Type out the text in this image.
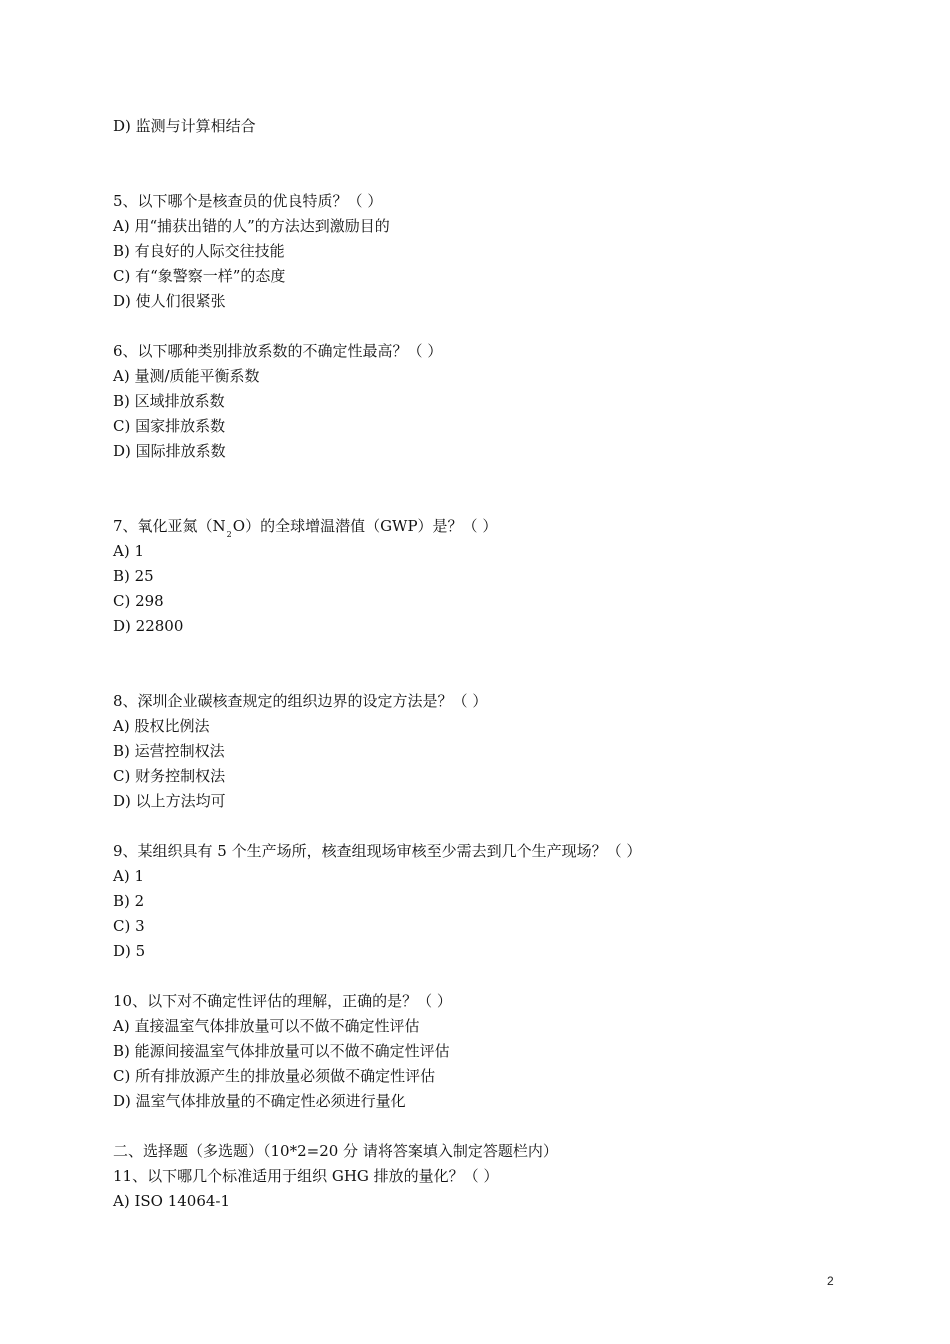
D) 监测与计算相结合
5、以下哪个是核查员的优良特质？（ ）
A) 用“捕获出错的人”的方法达到激励目的
B) 有良好的人际交往技能
C) 有“象警察一样”的态度
D) 使人们很紧张
6、以下哪种类别排放系数的不确定性最高？（ ）
A) 量测/质能平衡系数
B) 区域排放系数
C) 国家排放系数
D) 国际排放系数
7、氧化亚氮$(N_2O)$的全球增温潜值（GWP）是？（ ）
A) 1
B) 25
C) 298
D) 22800
8、深圳企业碳核查规定的组织边界的设定方法是？（ ）
A) 股权比例法
B) 运营控制权法
C) 财务控制权法
D) 以上方法均可
9、某组织具有 5 个生产场所，核查组现场审核至少需去到几个生产现场？（ ）
A) 1
B) 2
C) 3
D) 5
10、以下对不确定性评估的理解，正确的是？（ ）
A) 直接温室气体排放量可以不做不确定性评估
B) 能源间接温室气体排放量可以不做不确定性评估
C) 所有排放源产生的排放量必须做不确定性评估
D) 温室气体排放量的不确定性必须进行量化
二、选择题（多选题）（10*2=20 分 请将答案填入制定答题栏内）
11、以下哪几个标准适用于组织 GHG 排放的量化？（ ）
A) ISO 14064-1
2
